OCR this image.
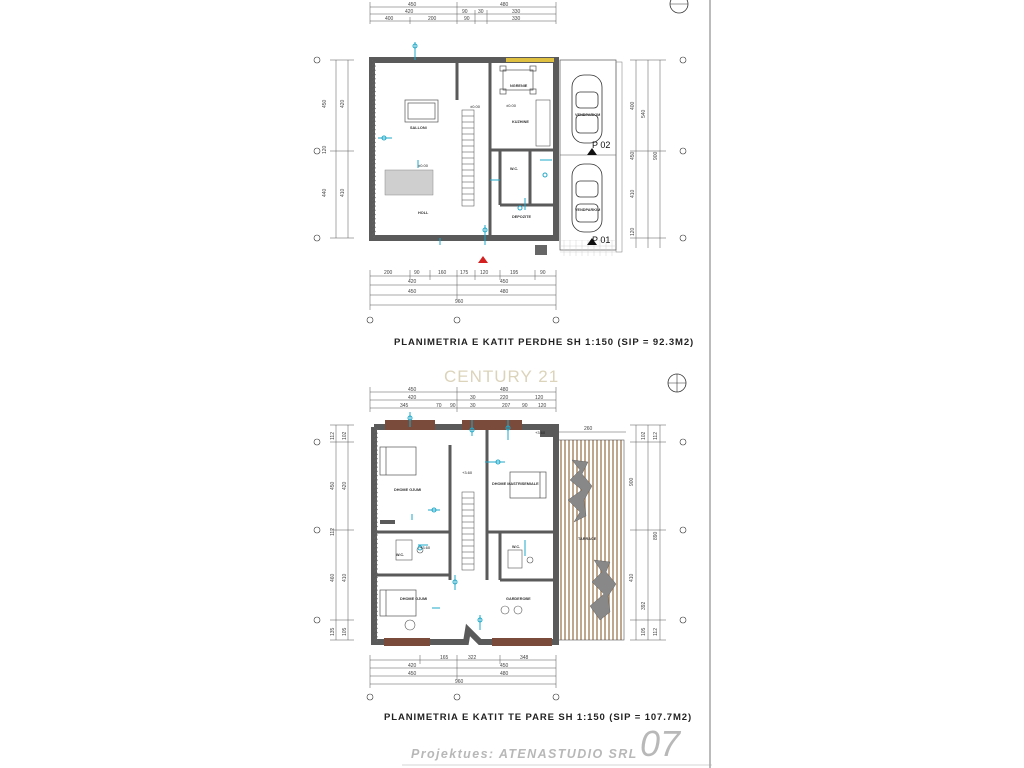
450	480
420	90 30	330
400	200	90	330
450
120
440
420
410
540
900
400
450
410
120
SALLONI
NGRENIE
KUZHINE
W.C.
DEPOZITE
HOLL
±0.00
±0.00	±0.00
VENDPARKIM
VENDPARKIM
P 02
P 01
200	90	160	175 120	195	90
420	450
450	480
960
450	480
420	30	220	120
345	70 90	30	207 90 120
260
112
450
112
460
135
102
420
410
105
112
890
112
102
900
410
392
105
TARRACE
DHOME GJUMI
DHOME MASTRISEMIALE
W.C.
W.C.
DHOME GJUMI	GARDEROBE
+3.60
+3.60
+3.60
165	322	348
420	450
450	480
960
PLANIMETRIA E KATIT PERDHE SH 1:150 (SIP = 92.3M2)
CENTURY 21
PLANIMETRIA E KATIT TE PARE SH 1:150 (SIP = 107.7M2)
Projektues: ATENASTUDIO SRL 07
